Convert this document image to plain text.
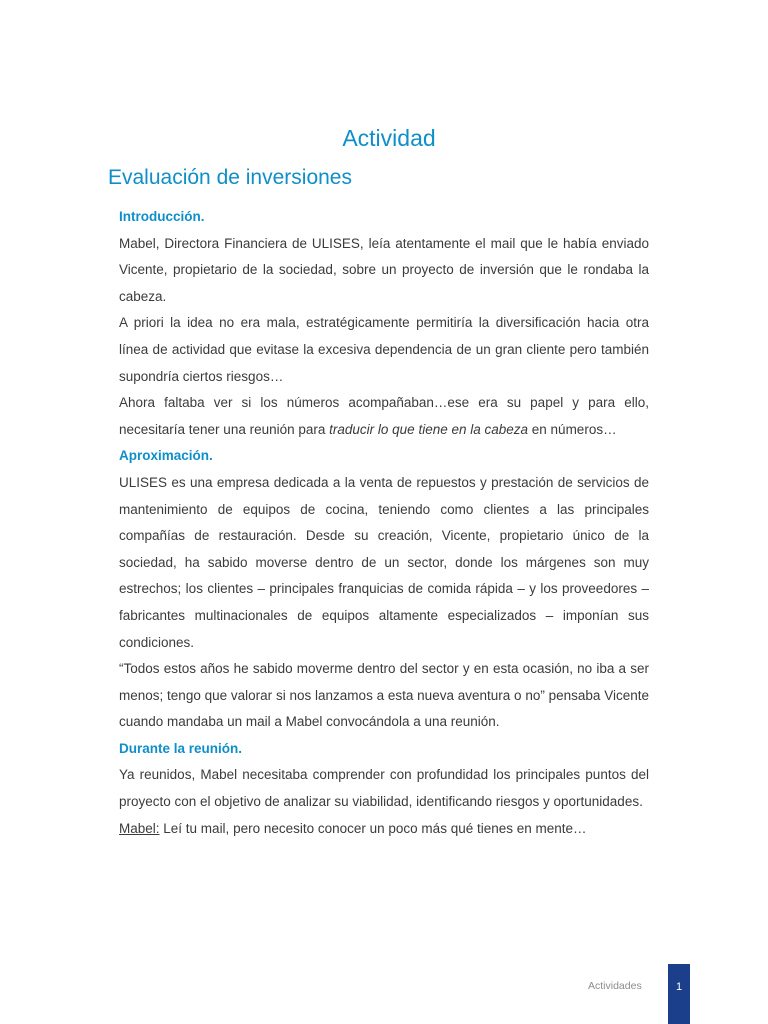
Actividad
Evaluación de inversiones

Introducción.

Mabel, Directora Financiera de ULISES, leía atentamente el mail que le había enviado Vicente, propietario de la sociedad, sobre un proyecto de inversión que le rondaba la cabeza.

A priori la idea no era mala, estratégicamente permitiría la diversificación hacia otra línea de actividad que evitase la excesiva dependencia de un gran cliente pero también supondría ciertos riesgos…

Ahora faltaba ver si los números acompañaban…ese era su papel y para ello, necesitaría tener una reunión para traducir lo que tiene en la cabeza en números…

Aproximación.

ULISES es una empresa dedicada a la venta de repuestos y prestación de servicios de mantenimiento de equipos de cocina, teniendo como clientes a las principales compañías de restauración. Desde su creación, Vicente, propietario único de la sociedad, ha sabido moverse dentro de un sector, donde los márgenes son muy estrechos; los clientes – principales franquicias de comida rápida – y los proveedores – fabricantes multinacionales de equipos altamente especializados – imponían sus condiciones.

“Todos estos años he sabido moverme dentro del sector y en esta ocasión, no iba a ser menos; tengo que valorar si nos lanzamos a esta nueva aventura o no” pensaba Vicente cuando mandaba un mail a Mabel convocándola a una reunión.

Durante la reunión.

Ya reunidos, Mabel necesitaba comprender con profundidad los principales puntos del proyecto con el objetivo de analizar su viabilidad, identificando riesgos y oportunidades.

Mabel: Leí tu mail, pero necesito conocer un poco más qué tienes en mente…

Actividades	1
